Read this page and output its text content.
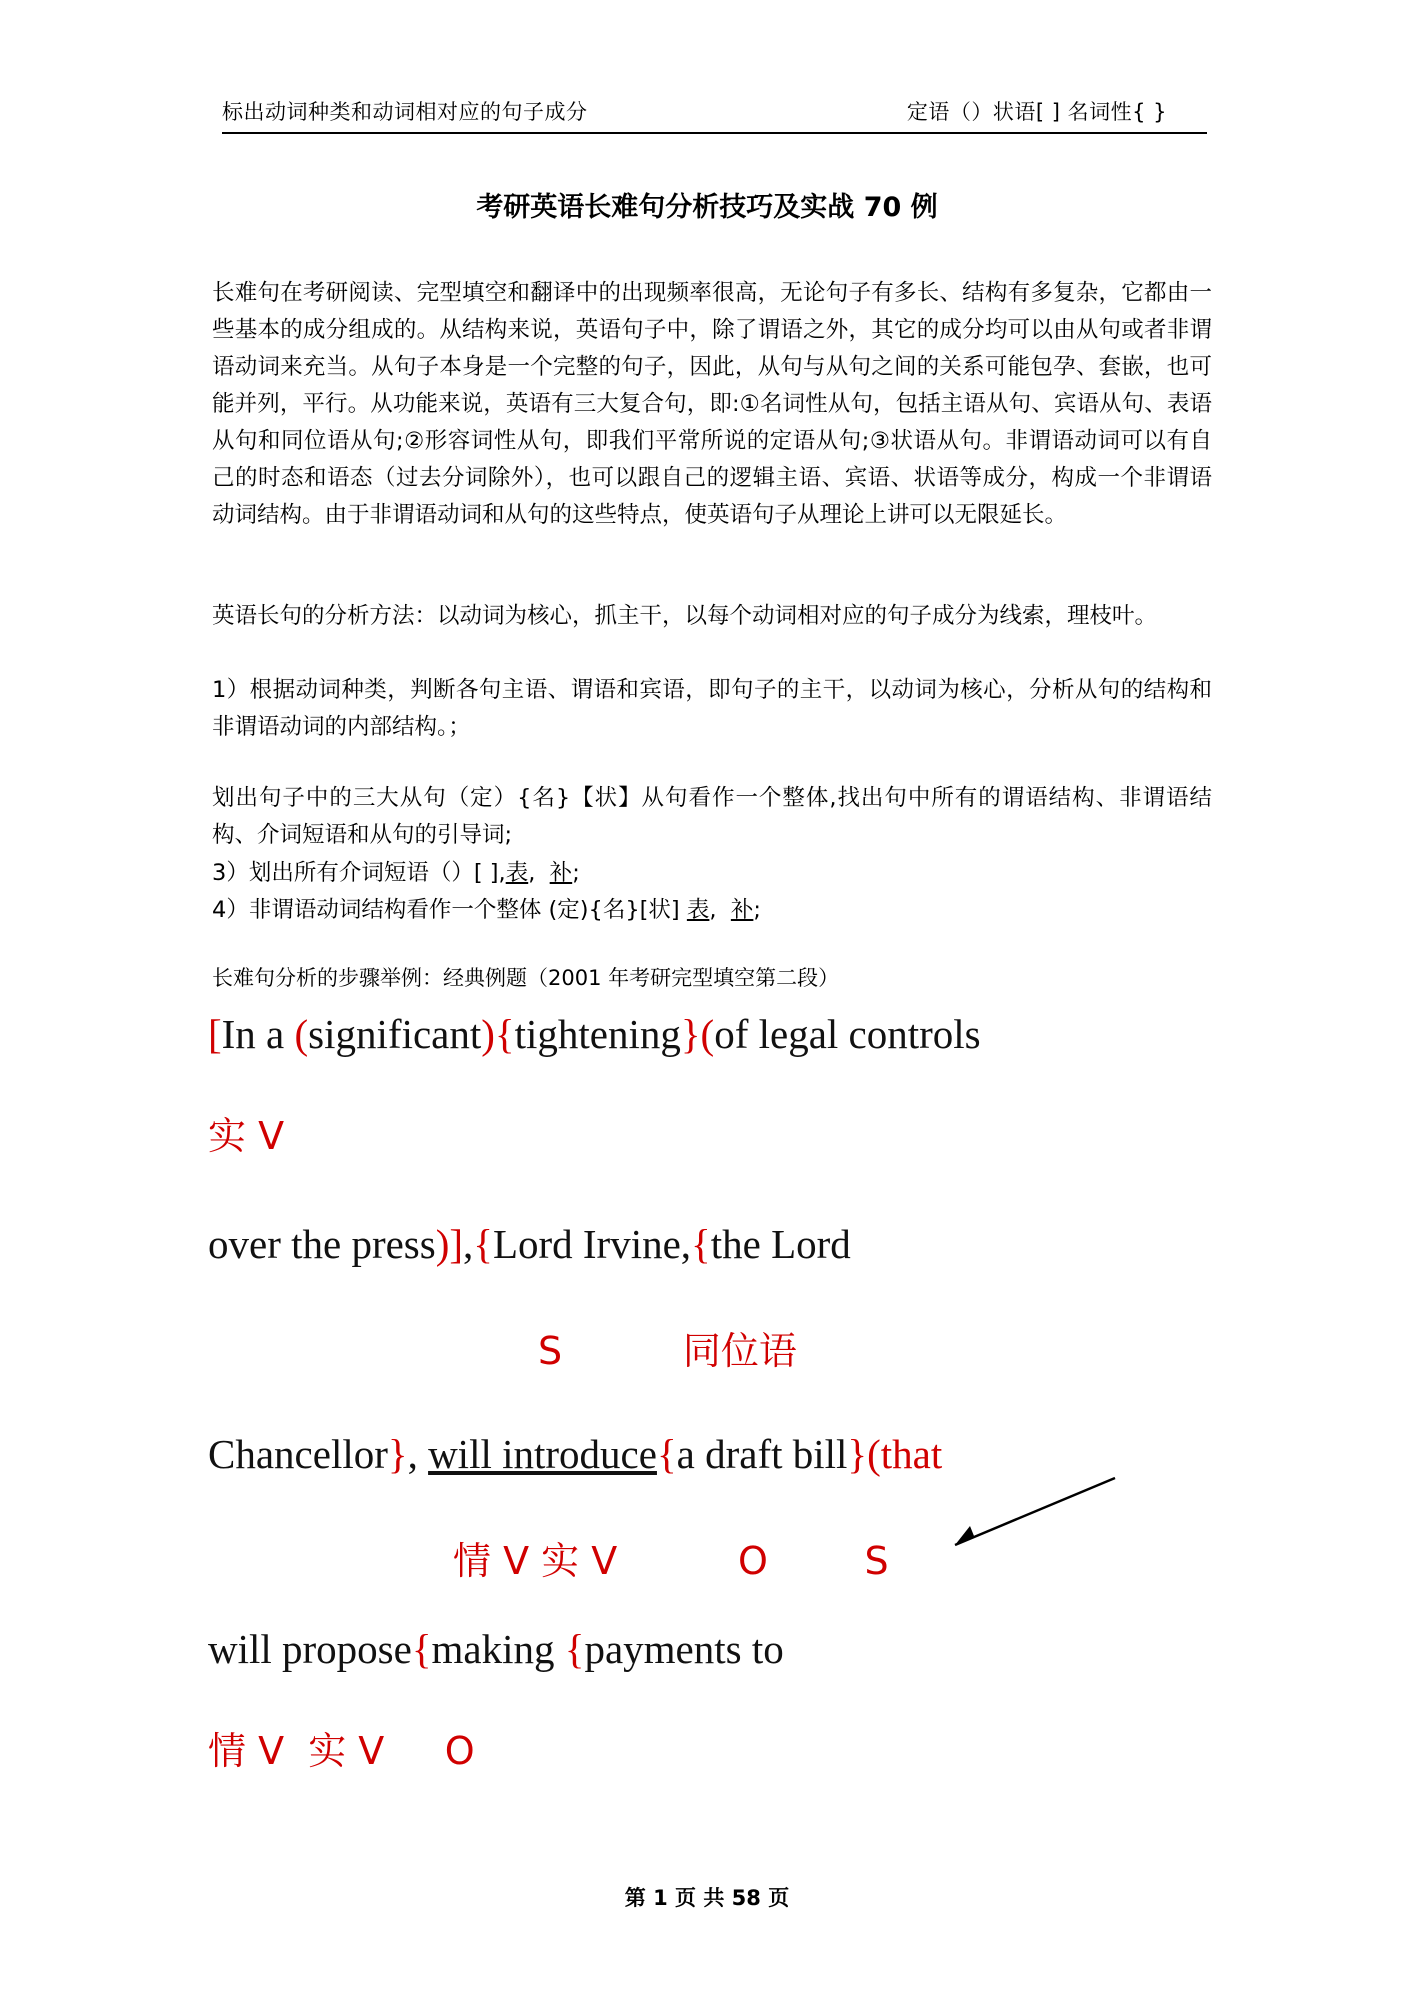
标出动词种类和动词相对应的句子成分	定语（）状语[ ] 名词性{ }
考研英语长难句分析技巧及实战 70 例
长难句在考研阅读、完型填空和翻译中的出现频率很高，无论句子有多长、结构有多复杂，它都由一些基本的成分组成的。从结构来说，英语句子中，除了谓语之外，其它的成分均可以由从句或者非谓语动词来充当。从句子本身是一个完整的句子，因此，从句与从句之间的关系可能包孕、套嵌，也可能并列，平行。从功能来说，英语有三大复合句，即:①名词性从句，包括主语从句、宾语从句、表语从句和同位语从句;②形容词性从句，即我们平常所说的定语从句;③状语从句。非谓语动词可以有自己的时态和语态（过去分词除外），也可以跟自己的逻辑主语、宾语、状语等成分，构成一个非谓语动词结构。由于非谓语动词和从句的这些特点，使英语句子从理论上讲可以无限延长。
英语长句的分析方法：以动词为核心，抓主干，以每个动词相对应的句子成分为线索，理枝叶。
1）根据动词种类，判断各句主语、谓语和宾语，即句子的主干，以动词为核心，分析从句的结构和非谓语动词的内部结构。；
划出句子中的三大从句（定）{名}【状】从句看作一个整体,找出句中所有的谓语结构、非谓语结构、介词短语和从句的引导词;
3）划出所有介词短语（）[ ],表, 补;
4）非谓语动词结构看作一个整体 (定){名}[状] 表, 补;
长难句分析的步骤举例：经典例题（2001 年考研完型填空第二段）
[In a (significant){tightening}(of legal controls
实 V
over the press)],{Lord Irvine,{the Lord
S          同位语
Chancellor}, will introduce{a draft bill}(that
情 V 实 V          O        S
will propose{making {payments to
情 V  实 V     O
第 1 页 共 58 页
